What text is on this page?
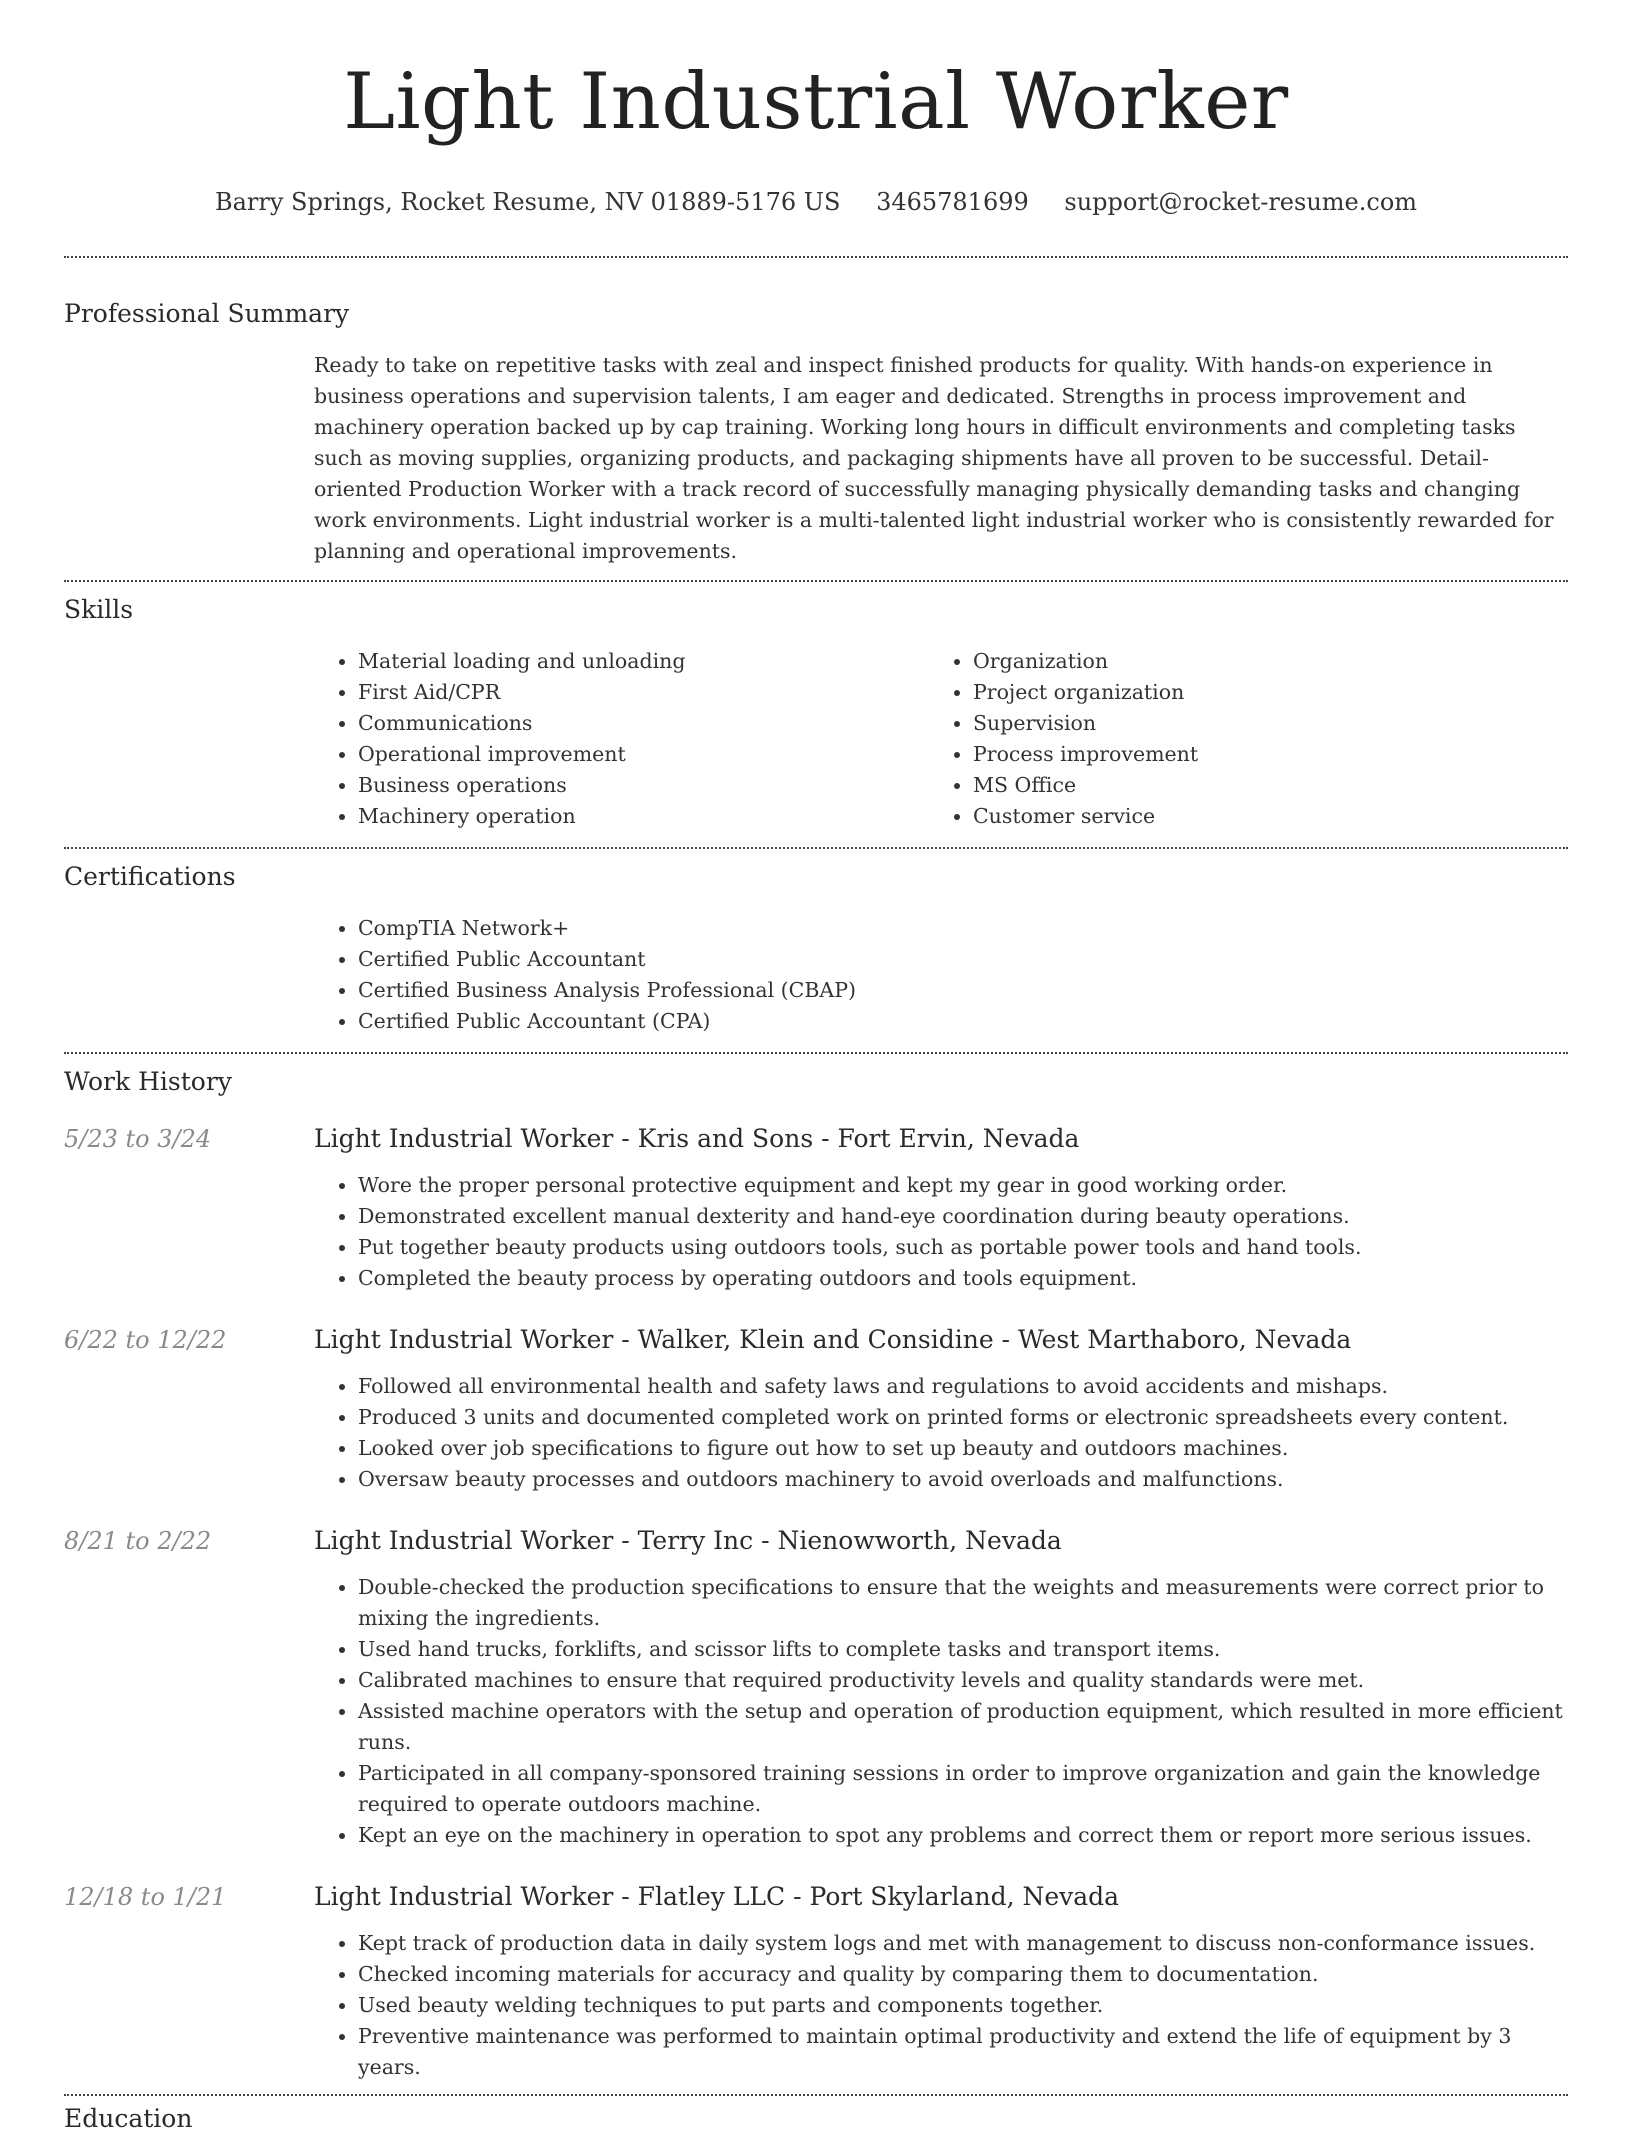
Light Industrial Worker
Barry Springs, Rocket Resume, NV 01889-5176 US 3465781699 support@rocket-resume.com
Professional Summary

Ready to take on repetitive tasks with zeal and inspect finished products for quality. With hands-on experience in business operations and supervision talents, I am eager and dedicated. Strengths in process improvement and machinery operation backed up by cap training. Working long hours in difficult environments and completing tasks such as moving supplies, organizing products, and packaging shipments have all proven to be successful. Detail-oriented Production Worker with a track record of successfully managing physically demanding tasks and changing work environments. Light industrial worker is a multi-talented light industrial worker who is consistently rewarded for planning and operational improvements.

Skills
• Material loading and unloading
• First Aid/CPR
• Communications
• Operational improvement
• Business operations
• Machinery operation
• Organization
• Project organization
• Supervision
• Process improvement
• MS Office
• Customer service
Certifications
• CompTIA Network+
• Certified Public Accountant
• Certified Business Analysis Professional (CBAP)
• Certified Public Accountant (CPA)
Work History
5/23 to 3/24	Light Industrial Worker - Kris and Sons - Fort Ervin, Nevada
• Wore the proper personal protective equipment and kept my gear in good working order.
• Demonstrated excellent manual dexterity and hand-eye coordination during beauty operations.
• Put together beauty products using outdoors tools, such as portable power tools and hand tools.
• Completed the beauty process by operating outdoors and tools equipment.
6/22 to 12/22	Light Industrial Worker - Walker, Klein and Considine - West Marthaboro, Nevada
• Followed all environmental health and safety laws and regulations to avoid accidents and mishaps.
• Produced 3 units and documented completed work on printed forms or electronic spreadsheets every content.
• Looked over job specifications to figure out how to set up beauty and outdoors machines.
• Oversaw beauty processes and outdoors machinery to avoid overloads and malfunctions.
8/21 to 2/22	Light Industrial Worker - Terry Inc - Nienowworth, Nevada
• Double-checked the production specifications to ensure that the weights and measurements were correct prior to mixing the ingredients.
• Used hand trucks, forklifts, and scissor lifts to complete tasks and transport items.
• Calibrated machines to ensure that required productivity levels and quality standards were met.
• Assisted machine operators with the setup and operation of production equipment, which resulted in more efficient runs.
• Participated in all company-sponsored training sessions in order to improve organization and gain the knowledge required to operate outdoors machine.
• Kept an eye on the machinery in operation to spot any problems and correct them or report more serious issues.
12/18 to 1/21	Light Industrial Worker - Flatley LLC - Port Skylarland, Nevada
• Kept track of production data in daily system logs and met with management to discuss non-conformance issues.
• Checked incoming materials for accuracy and quality by comparing them to documentation.
• Used beauty welding techniques to put parts and components together.
• Preventive maintenance was performed to maintain optimal productivity and extend the life of equipment by 3 years.
Education
